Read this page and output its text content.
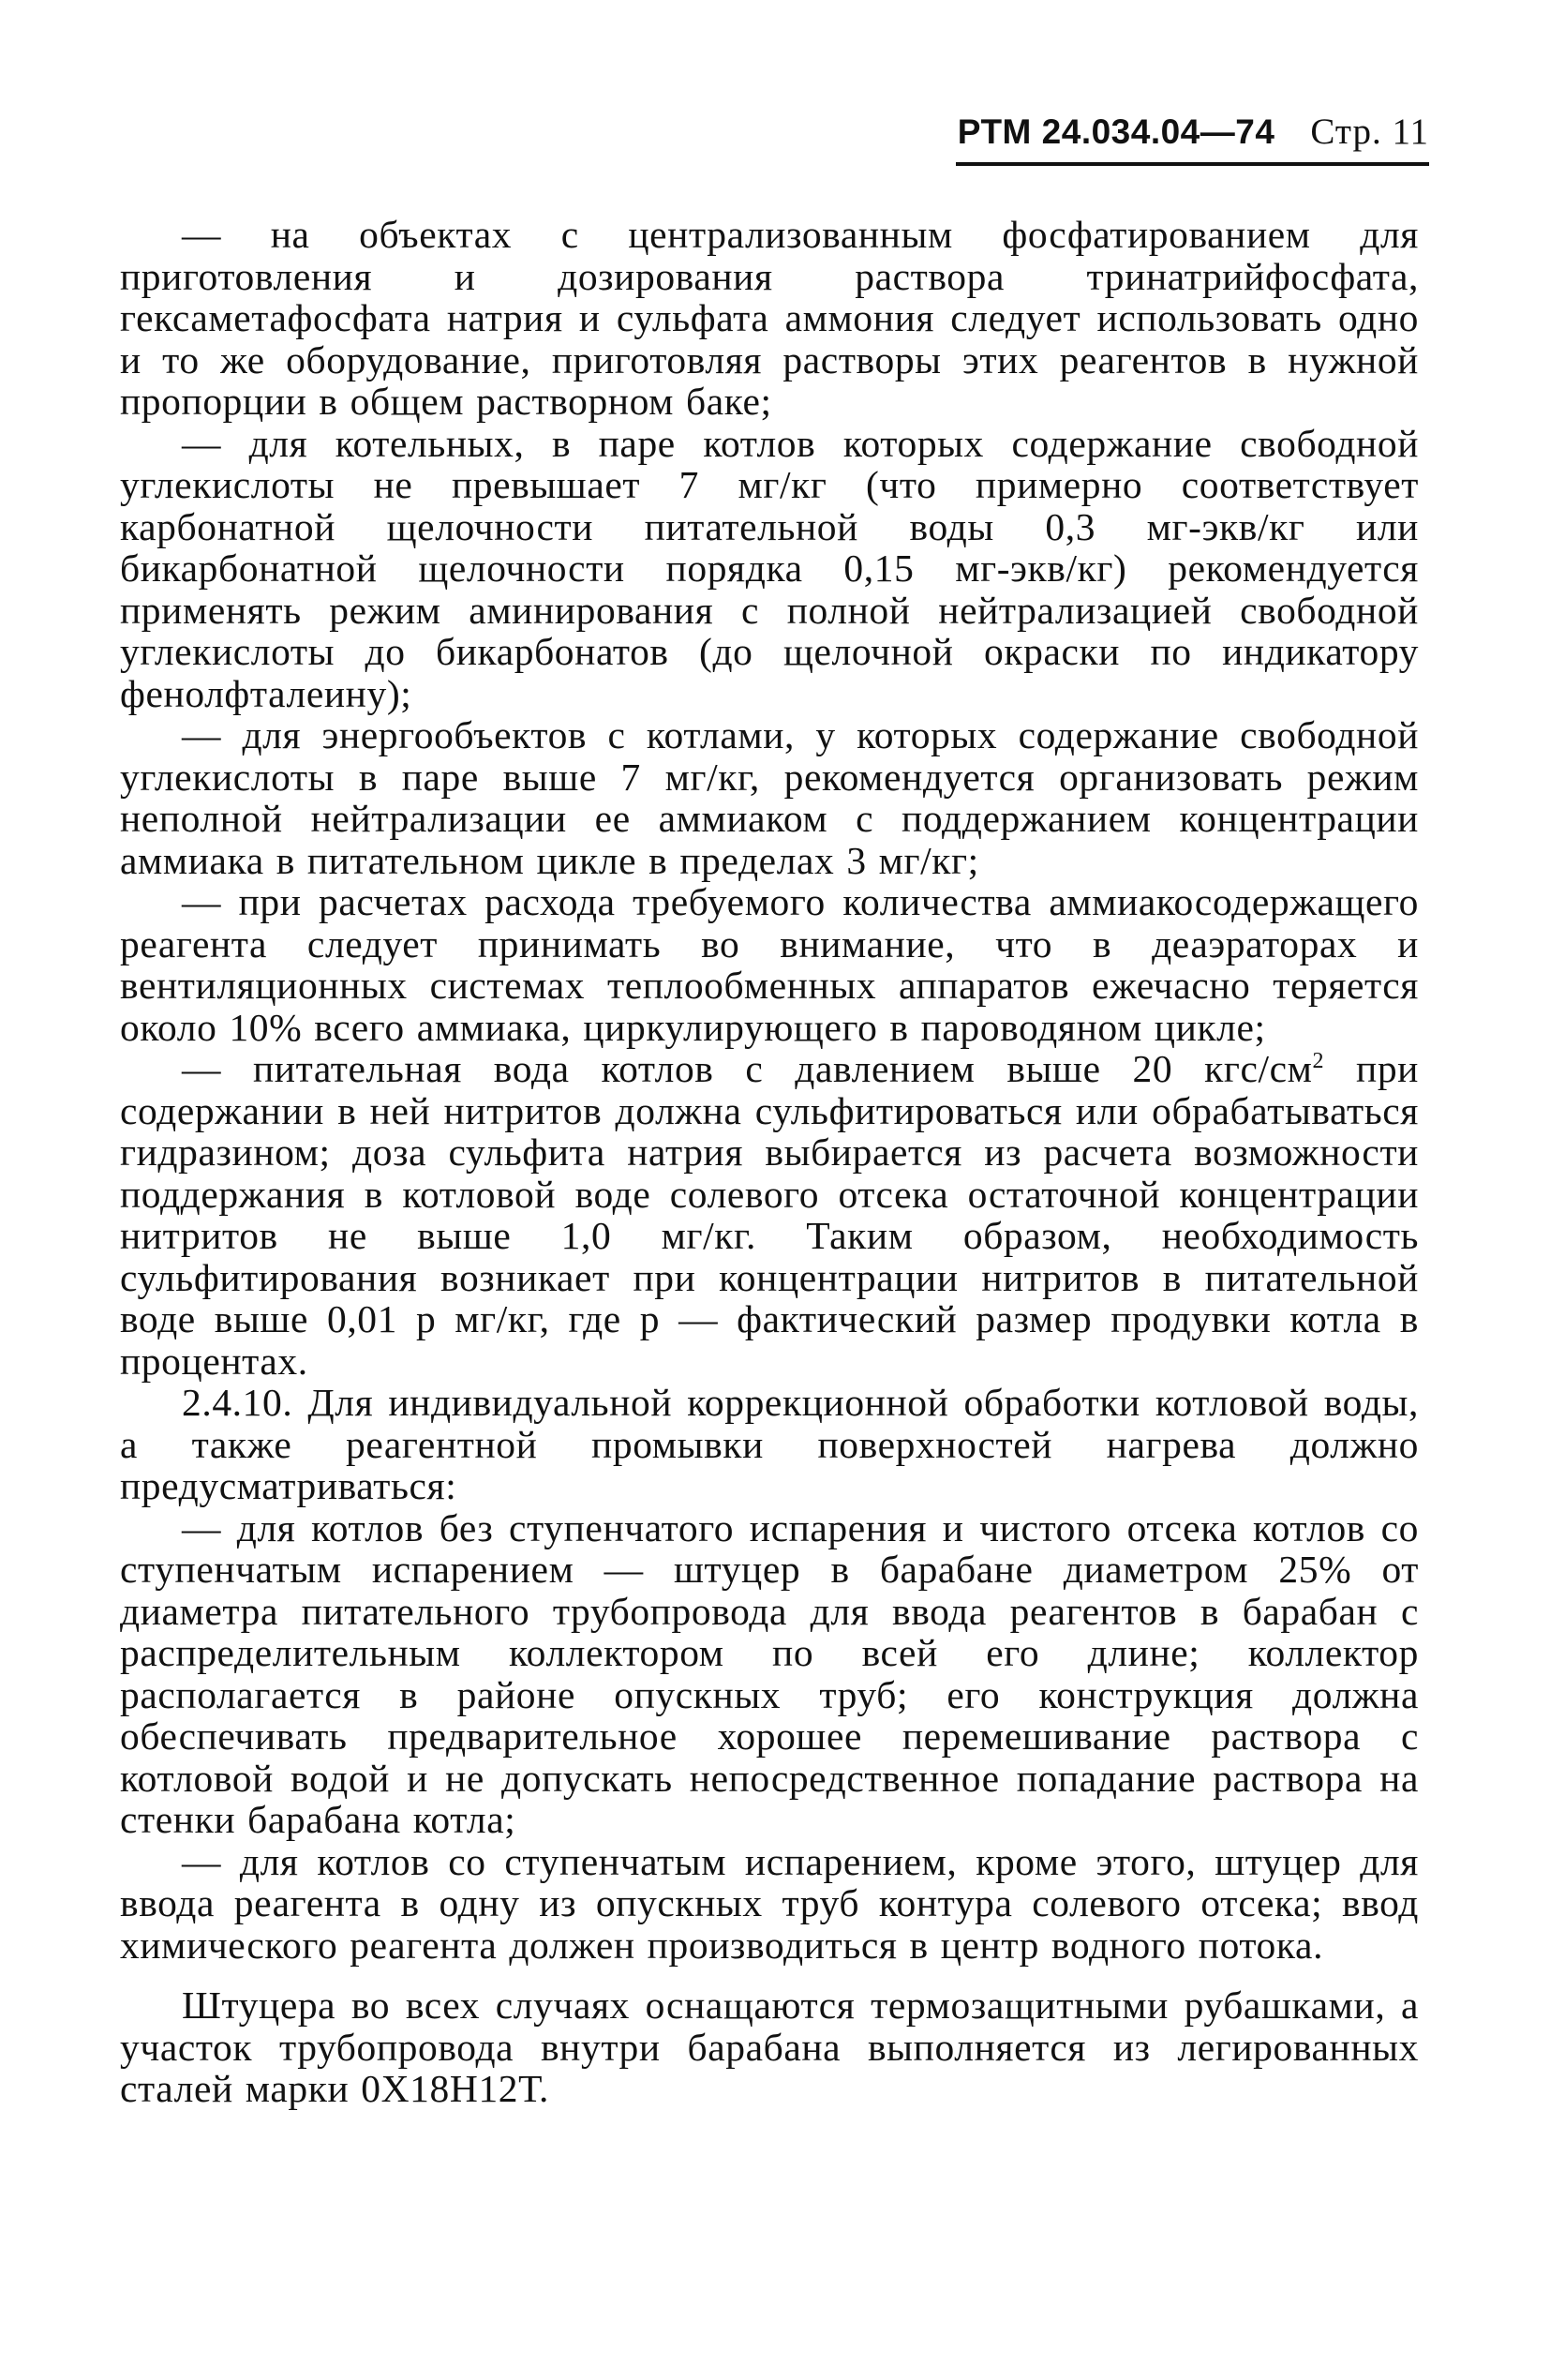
РТМ 24.034.04—74 Стр. 11

— на объектах с централизованным фосфатированием для приготовления и дозирования раствора тринатрийфосфата, гексаметафосфата натрия и сульфата аммония следует использовать одно и то же оборудование, приготовляя растворы этих реагентов в нужной пропорции в общем растворном баке;

— для котельных, в паре котлов которых содержание свободной углекислоты не превышает 7 мг/кг (что примерно соответствует карбонатной щелочности питательной воды 0,3 мг-экв/кг или бикарбонатной щелочности порядка 0,15 мг-экв/кг) рекомендуется применять режим аминирования с полной нейтрализацией свободной углекислоты до бикарбонатов (до щелочной окраски по индикатору фенолфталеину);

— для энергообъектов с котлами, у которых содержание свободной углекислоты в паре выше 7 мг/кг, рекомендуется организовать режим неполной нейтрализации ее аммиаком с поддержанием концентрации аммиака в питательном цикле в пределах 3 мг/кг;

— при расчетах расхода требуемого количества аммиакосодержащего реагента следует принимать во внимание, что в деаэраторах и вентиляционных системах теплообменных аппаратов ежечасно теряется около 10% всего аммиака, циркулирующего в пароводяном цикле;

— питательная вода котлов с давлением выше 20 кгс/$см^2$ при содержании в ней нитритов должна сульфитироваться или обрабатываться гидразином; доза сульфита натрия выбирается из расчета возможности поддержания в котловой воде солевого отсека остаточной концентрации нитритов не выше 1,0 мг/кг. Таким образом, необходимость сульфитирования возникает при концентрации нитритов в питательной воде выше 0,01 р мг/кг, где р — фактический размер продувки котла в процентах.

2.4.10. Для индивидуальной коррекционной обработки котловой воды, а также реагентной промывки поверхностей нагрева должно предусматриваться:

— для котлов без ступенчатого испарения и чистого отсека котлов со ступенчатым испарением — штуцер в барабане диаметром 25% от диаметра питательного трубопровода для ввода реагентов в барабан с распределительным коллектором по всей его длине; коллектор располагается в районе опускных труб; его конструкция должна обеспечивать предварительное хорошее перемешивание раствора с котловой водой и не допускать непосредственное попадание раствора на стенки барабана котла;

— для котлов со ступенчатым испарением, кроме этого, штуцер для ввода реагента в одну из опускных труб контура солевого отсека; ввод химического реагента должен производиться в центр водного потока.

Штуцера во всех случаях оснащаются термозащитными рубашками, а участок трубопровода внутри барабана выполняется из легированных сталей марки 0Х18Н12Т.
